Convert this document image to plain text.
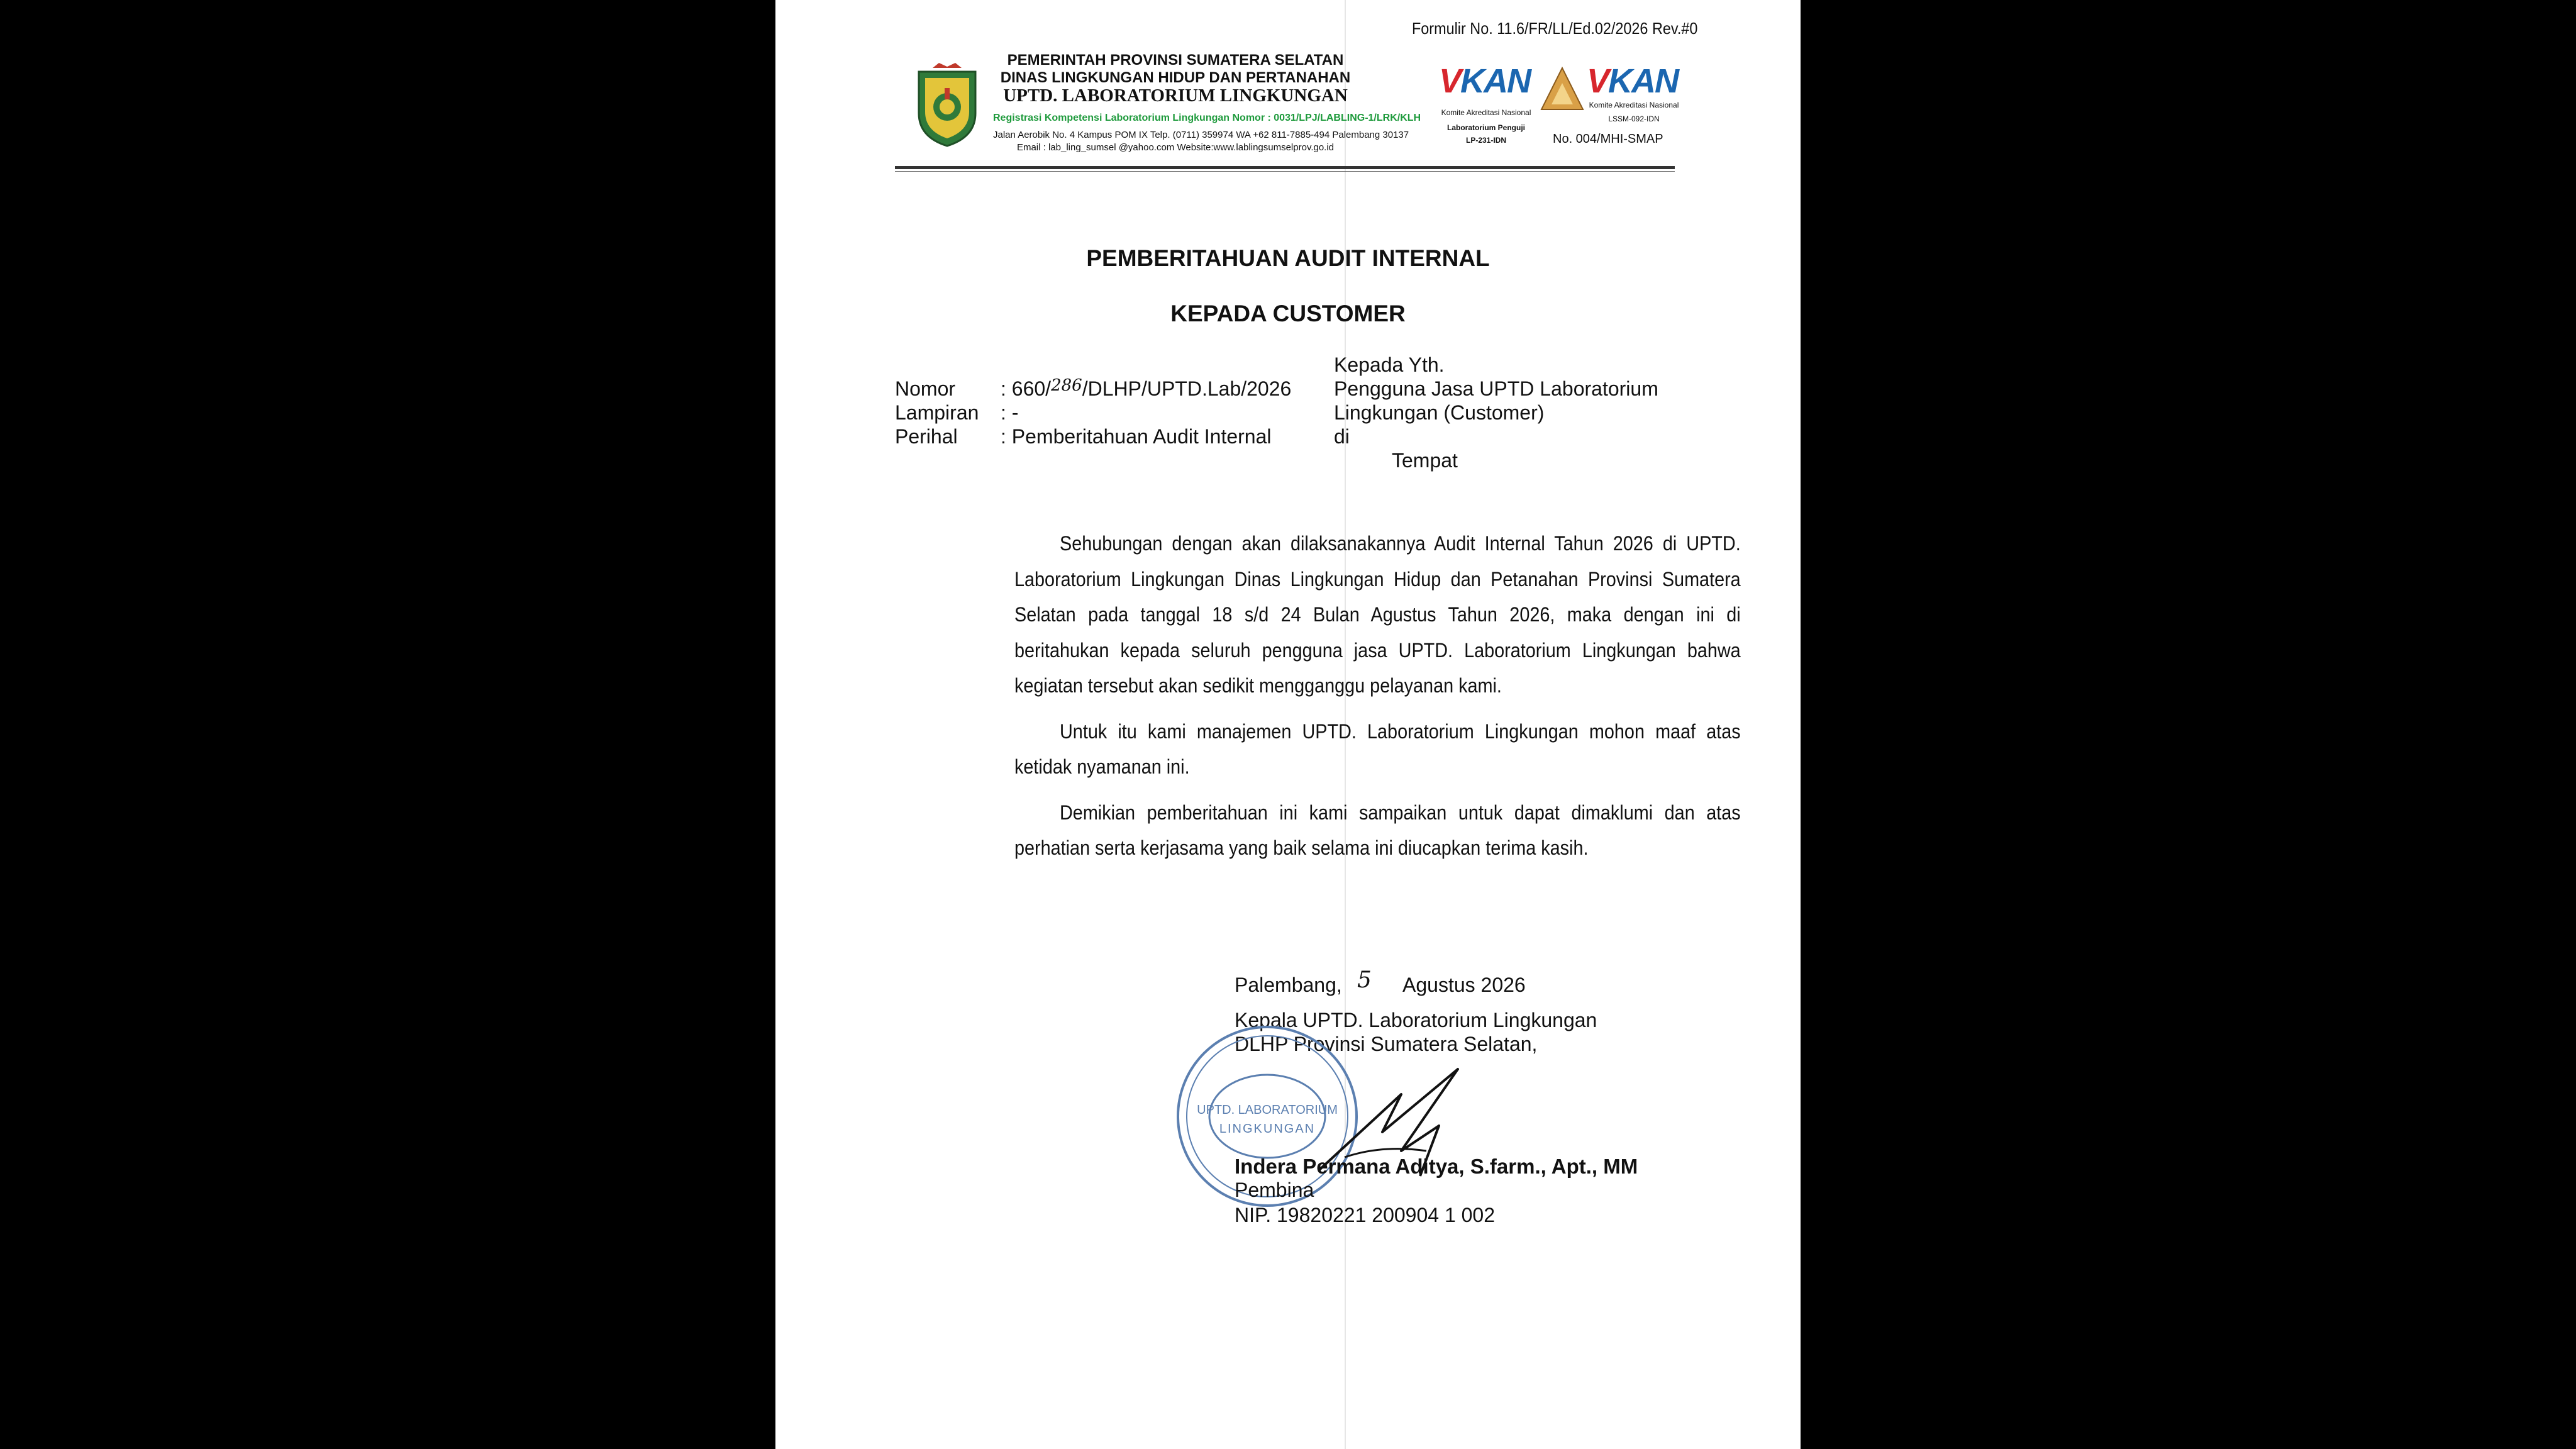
Formulir No. 11.6/FR/LL/Ed.02/2026 Rev.#0
PEMERINTAH PROVINSI SUMATERA SELATAN
DINAS LINGKUNGAN HIDUP DAN PERTANAHAN
UPTD. LABORATORIUM LINGKUNGAN
Registrasi Kompetensi Laboratorium Lingkungan Nomor : 0031/LPJ/LABLING-1/LRK/KLH
Jalan Aerobik No. 4 Kampus POM IX Telp. (0711) 359974 WA +62 811-7885-494 Palembang 30137
Email : lab_ling_sumsel @yahoo.com Website:www.lablingsumselprov.go.id
VKAN
Komite Akreditasi Nasional
Laboratorium Penguji
LP-231-IDN
VKAN
Komite Akreditasi Nasional
LSSM-092-IDN
No. 004/MHI-SMAP
PEMBERITAHUAN AUDIT INTERNAL
KEPADA CUSTOMER
Nomor : 660/$^{286}$/DLHP/UPTD.Lab/2026
Lampiran : -
Perihal : Pemberitahuan Audit Internal
Kepada Yth.
Pengguna Jasa UPTD Laboratorium
Lingkungan (Customer)
di
Tempat

Sehubungan dengan akan dilaksanakannya Audit Internal Tahun 2026 di UPTD. Laboratorium Lingkungan Dinas Lingkungan Hidup dan Petanahan Provinsi Sumatera Selatan pada tanggal 18 s/d 24 Bulan Agustus Tahun 2026, maka dengan ini di beritahukan kepada seluruh pengguna jasa UPTD. Laboratorium Lingkungan bahwa kegiatan tersebut akan sedikit mengganggu pelayanan kami.

Untuk itu kami manajemen UPTD. Laboratorium Lingkungan mohon maaf atas ketidak nyamanan ini.

Demikian pemberitahuan ini kami sampaikan untuk dapat dimaklumi dan atas perhatian serta kerjasama yang baik selama ini diucapkan terima kasih.

Palembang, 5 Agustus 2026
Kepala UPTD. Laboratorium Lingkungan
DLHP Provinsi Sumatera Selatan,
UPTD. LABORATORIUM
LINGKUNGAN
Indera Permana Aditya, S.farm., Apt., MM
Pembina
NIP. 19820221 200904 1 002
